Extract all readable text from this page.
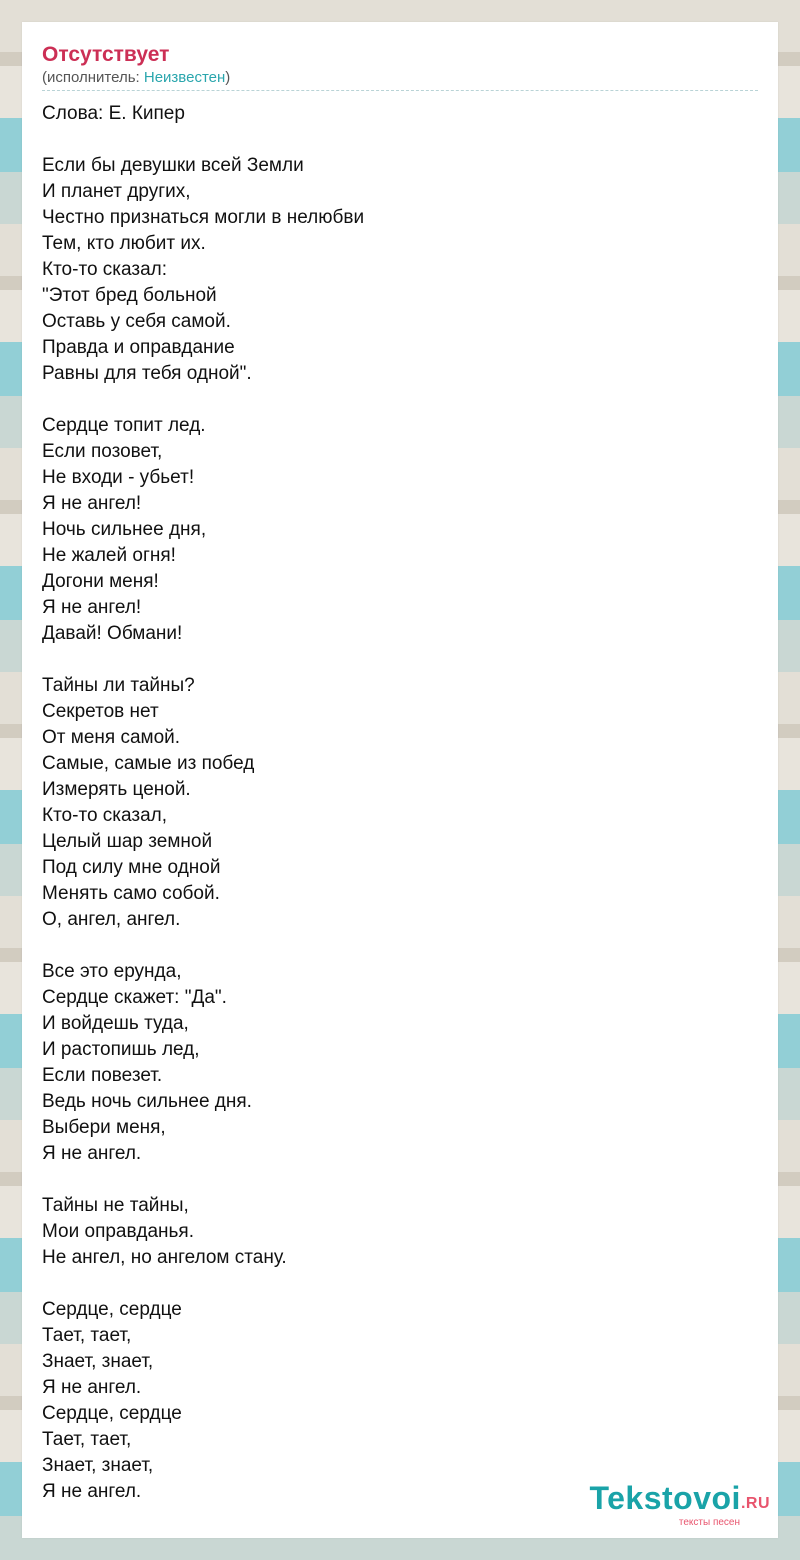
Отсутствует
(исполнитель: Неизвестен)
Слова: Е. Кипер

Если бы девушки всей Земли
И планет других,
Честно признаться могли в нелюбви
Тем, кто любит их.
Кто-то сказал:
"Этот бред больной
Оставь у себя самой.
Правда и оправдание
Равны для тебя одной".

Сердце топит лед.
Если позовет,
Не входи - убьет!
Я не ангел!
Ночь сильнее дня,
Не жалей огня!
Догони меня!
Я не ангел!
Давай! Обмани!

Тайны ли тайны?
Секретов нет
От меня самой.
Самые, самые из побед
Измерять ценой.
Кто-то сказал,
Целый шар земной
Под силу мне одной
Менять само собой.
О, ангел, ангел.

Все это ерунда,
Сердце скажет: "Да".
И войдешь туда,
И растопишь лед,
Если повезет.
Ведь ночь сильнее дня.
Выбери меня,
Я не ангел.

Тайны не тайны,
Мои оправданья.
Не ангел, но ангелом стану.

Сердце, сердце
Тает, тает,
Знает, знает,
Я не ангел.
Сердце, сердце
Тает, тает,
Знает, знает,
Я не ангел.	Tekstovoi.RU
тексты песен
